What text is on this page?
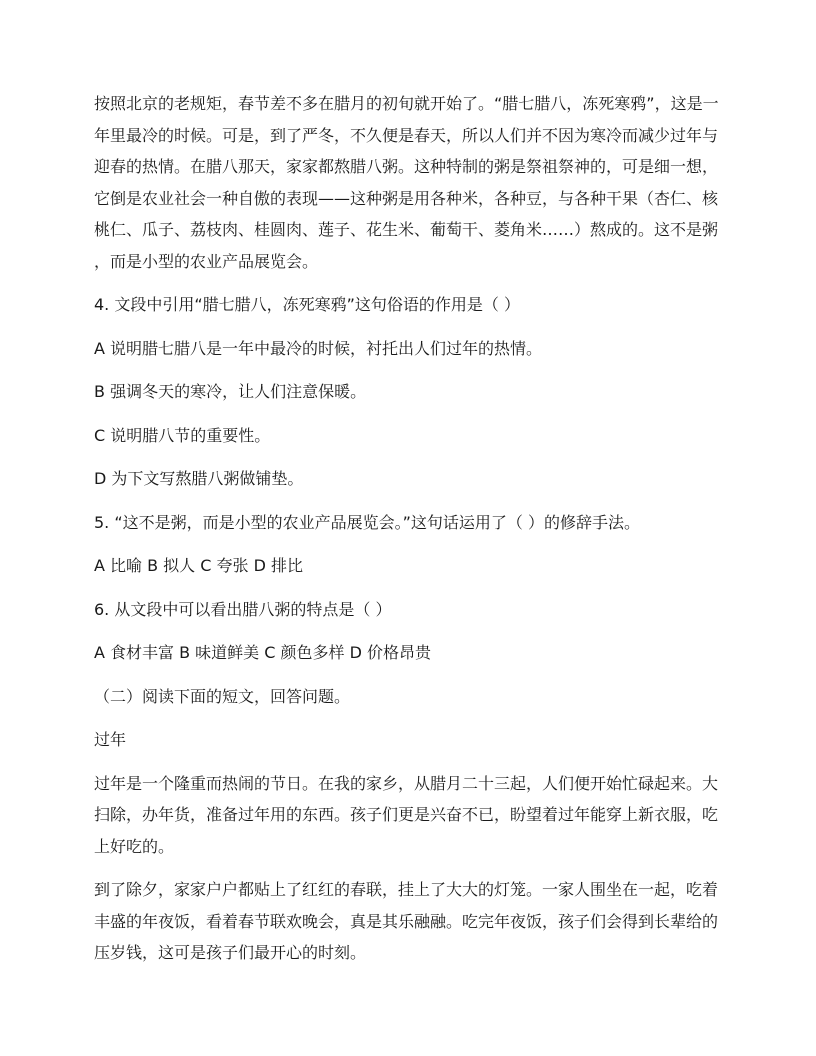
按照北京的老规矩，春节差不多在腊月的初旬就开始了。“腊七腊八，冻死寒鸦”，这是一
年里最冷的时候。可是，到了严冬，不久便是春天，所以人们并不因为寒冷而减少过年与
迎春的热情。在腊八那天，家家都熬腊八粥。这种特制的粥是祭祖祭神的，可是细一想，
它倒是农业社会一种自傲的表现——这种粥是用各种米，各种豆，与各种干果（杏仁、核
桃仁、瓜子、荔枝肉、桂圆肉、莲子、花生米、葡萄干、菱角米……）熬成的。这不是粥
，而是小型的农业产品展览会。

4. 文段中引用“腊七腊八，冻死寒鸦”这句俗语的作用是（ ）

A 说明腊七腊八是一年中最冷的时候，衬托出人们过年的热情。

B 强调冬天的寒冷，让人们注意保暖。

C 说明腊八节的重要性。

D 为下文写熬腊八粥做铺垫。

5. “这不是粥，而是小型的农业产品展览会。”这句话运用了（ ）的修辞手法。

A 比喻 B 拟人 C 夸张 D 排比

6. 从文段中可以看出腊八粥的特点是（ ）

A 食材丰富 B 味道鲜美 C 颜色多样 D 价格昂贵

（二）阅读下面的短文，回答问题。

过年

过年是一个隆重而热闹的节日。在我的家乡，从腊月二十三起，人们便开始忙碌起来。大
扫除，办年货，准备过年用的东西。孩子们更是兴奋不已，盼望着过年能穿上新衣服，吃
上好吃的。
到了除夕，家家户户都贴上了红红的春联，挂上了大大的灯笼。一家人围坐在一起，吃着
丰盛的年夜饭，看着春节联欢晚会，真是其乐融融。吃完年夜饭，孩子们会得到长辈给的
压岁钱，这可是孩子们最开心的时刻。
